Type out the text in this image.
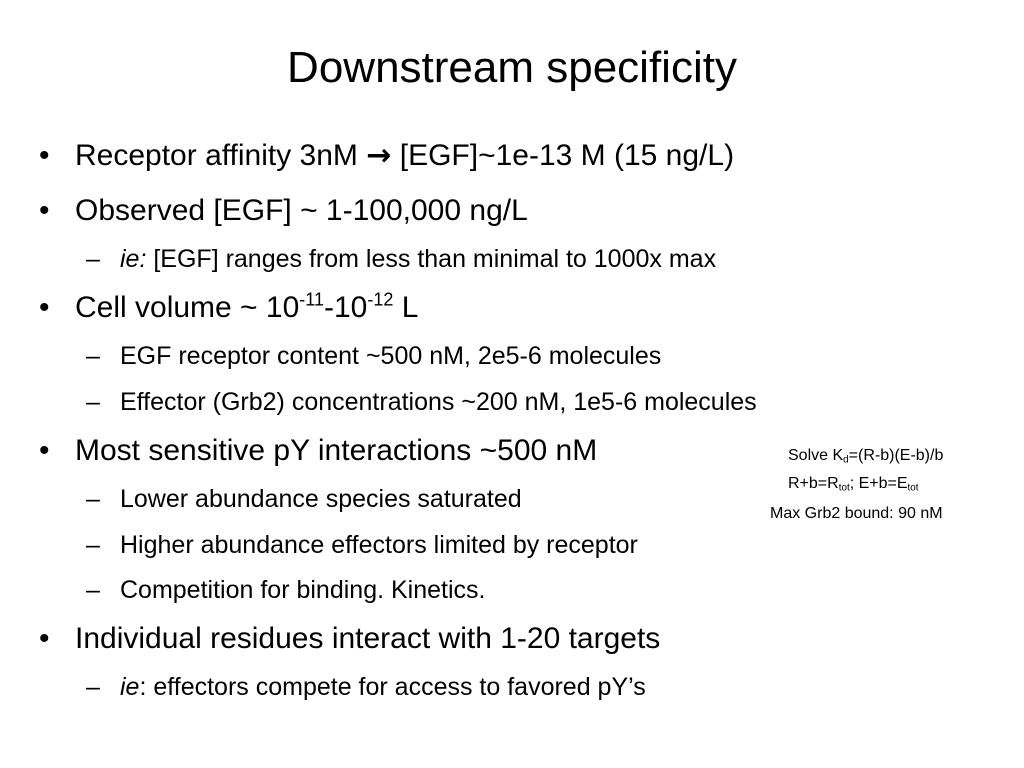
Downstream specificity
• Receptor affinity 3nM → [EGF]~1e-13 M (15 ng/L)
• Observed [EGF] ~ 1-100,000 ng/L
– ie: [EGF] ranges from less than minimal to 1000x max
• Cell volume ~ $10^{-11}-10^{-12}$ L
– EGF receptor content ~500 nM, 2e5-6 molecules
– Effector (Grb2) concentrations ~200 nM, 1e5-6 molecules
• Most sensitive pY interactions ~500 nM
– Lower abundance species saturated
– Higher abundance effectors limited by receptor
– Competition for binding. Kinetics.
• Individual residues interact with 1-20 targets
– ie: effectors compete for access to favored pY’s
Solve $K_d=(R-b)(E-b)/b$
$R+b=R_{tot}$; $E+b=E_{tot}$
Max Grb2 bound: 90 nM
